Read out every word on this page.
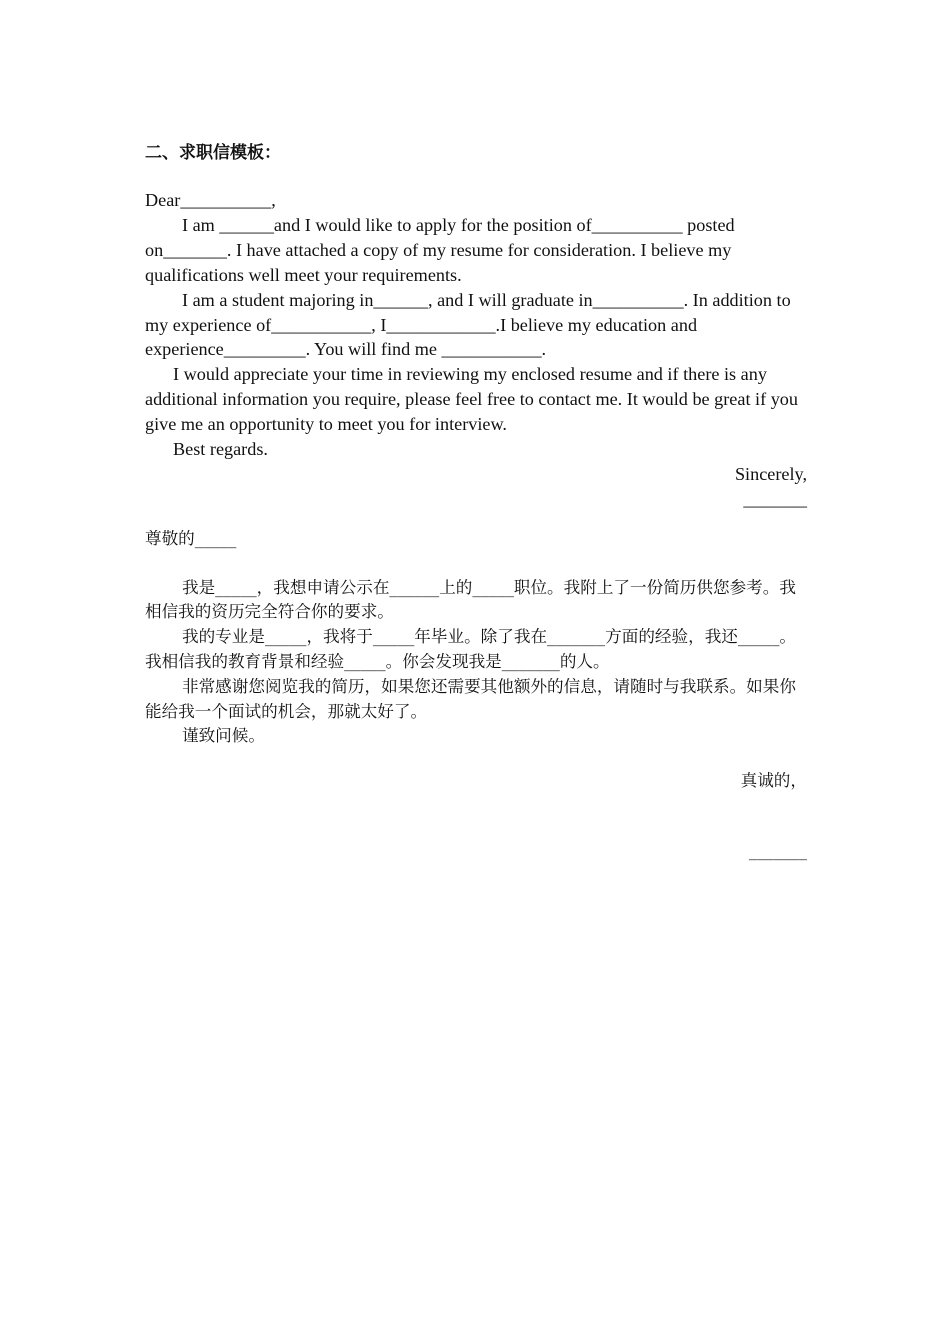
二、求职信模板：

Dear__________,

I am ______and I would like to apply for the position of__________ posted on_______. I have attached a copy of my resume for consideration. I believe my qualifications well meet your requirements.

I am a student majoring in______, and I will graduate in__________. In addition to my experience of___________, I____________.I believe my education and experience_________. You will find me ___________.

I would appreciate your time in reviewing my enclosed resume and if there is any additional information you require, please feel free to contact me. It would be great if you give me an opportunity to meet you for interview.

Best regards.

Sincerely,

_______

尊敬的_____

我是_____，我想申请公示在______上的_____职位。我附上了一份简历供您参考。我相信我的资历完全符合你的要求。

我的专业是_____，我将于_____年毕业。除了我在_______方面的经验，我还_____。我相信我的教育背景和经验_____。你会发现我是_______的人。

非常感谢您阅览我的简历，如果您还需要其他额外的信息，请随时与我联系。如果你能给我一个面试的机会，那就太好了。

谨致问候。

真诚的，

_______
